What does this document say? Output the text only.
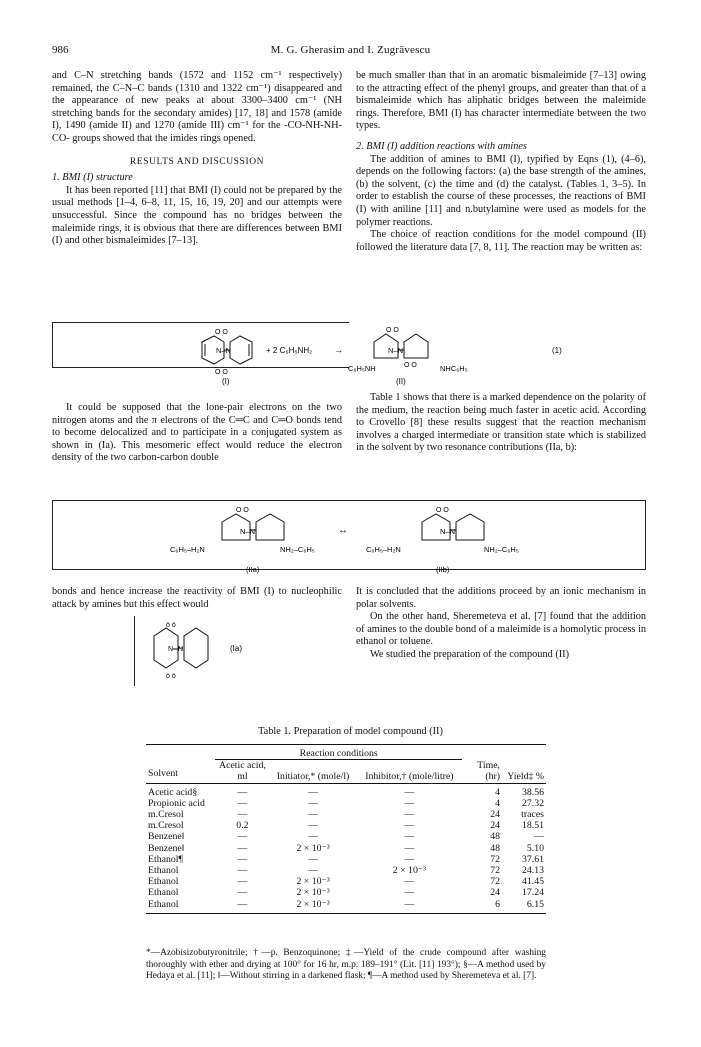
986	M. G. Gherasim and I. Zugrăvescu

and C–N stretching bands (1572 and 1152 cm⁻¹ respectively) remained, the C–N–C bands (1310 and 1322 cm⁻¹) disappeared and the appearance of new peaks at about 3300–3400 cm⁻¹ (NH stretching bands for the secondary amides) [17, 18] and 1578 (amide I), 1490 (amide II) and 1270 (amide III) cm⁻¹ for the -CO-NH-NH-CO- groups showed that the imides rings opened.

RESULTS AND DISCUSSION

1. BMI (I) structure

It has been reported [11] that BMI (I) could not be prepared by the usual methods [1–4, 6–8, 11, 15, 16, 19, 20] and our attempts were unsuccessful. Since the compound has no bridges between the maleimide rings, it is obvious that there are differences between BMI (I) and other bismaleimides [7–13].

be much smaller than that in an aromatic bismaleimide [7–13] owing to the attracting effect of the phenyl groups, and greater than that of a bismaleimide which has aliphatic bridges between the maleimide rings. Therefore, BMI (I) has character intermediate between the two types.

2. BMI (I) addition reactions with amines

The addition of amines to BMI (I), typified by Eqns (1), (4–6), depends on the following factors: (a) the base strength of the amines, (b) the solvent, (c) the time and (d) the catalyst. (Tables 1, 3–5). In order to establish the course of these processes, the reactions of BMI (I) with aniline [11] and n.butylamine were used as models for the polymer reactions.

The choice of reaction conditions for the model compound (II) followed the literature data [7, 8, 11]. The reaction may be written as:

O O
O O
N–N	+ 2 C₆H₅NH₂ →
(I)
O O
N–N
O O
C₆H₅NH	NHC₆H₅
(II)
(1)

It could be supposed that the lone-pair electrons on the two nitrogen atoms and the π electrons of the C═C and C═O bonds tend to become delocalized and to participate in a conjugated system as shown in (Ia). This mesomeric effect would reduce the electron density of the two carbon-carbon double

Table 1 shows that there is a marked dependence on the polarity of the medium, the reaction being much faster in acetic acid. According to Crovello [8] these results suggest that the reaction mechanism involves a charged intermediate or transition state which is stabilized in the solvent by two resonance contributions (IIa, b):

O O
N–N
C₆H₅–H₂N	NH₂–C₆H₅
↔
O O
N–N
C₆H₅–H₂N	NH₂–C₆H₅
(IIa)	(IIb)

bonds and hence increase the reactivity of BMI (I) to nucleophilic attack by amines but this effect would

ö ö
N═N
ö ö
(Ia)

It is concluded that the additions proceed by an ionic mechanism in polar solvents.

On the other hand, Sheremeteva et al. [7] found that the addition of amines to the double bond of a maleimide is a homolytic process in ethanol or toluene.

We studied the preparation of the compound (II)

Table 1. Preparation of model compound (II)
	Reaction conditions				
Solvent	Acetic acid, ml	Initiator,* (mole/l)	Inhibitor,† (mole/litre)	Time, (hr)	Yield‡ %
Acetic acid§	—	—	—	4	38.56
Propionic acid	—	—	—	4	27.32
m.Cresol	—	—	—	24	traces
m.Cresol	0.2	—	—	24	18.51
Benzene‖	—	—	—	48	—
Benzene‖	—	2 × 10⁻³	—	48	5.10
Ethanol¶	—	—	—	72	37.61
Ethanol	—	—	2 × 10⁻³	72	24.13
Ethanol	—	2 × 10⁻³	—	72	41.45
Ethanol	—	2 × 10⁻³	—	24	17.24
Ethanol	—	2 × 10⁻³	—	6	6.15
*—Azobisizobutyronitrile; †—p. Benzoquinone; ‡—Yield of the crude compound after washing thoroughly with ether and drying at 100° for 16 hr, m.p. 189–191° (Lit. [11] 193°); §—A method used by Hedaya et al. [11]; ‖—Without stirring in a darkened flask; ¶—A method used by Sheremeteva et al. [7].
